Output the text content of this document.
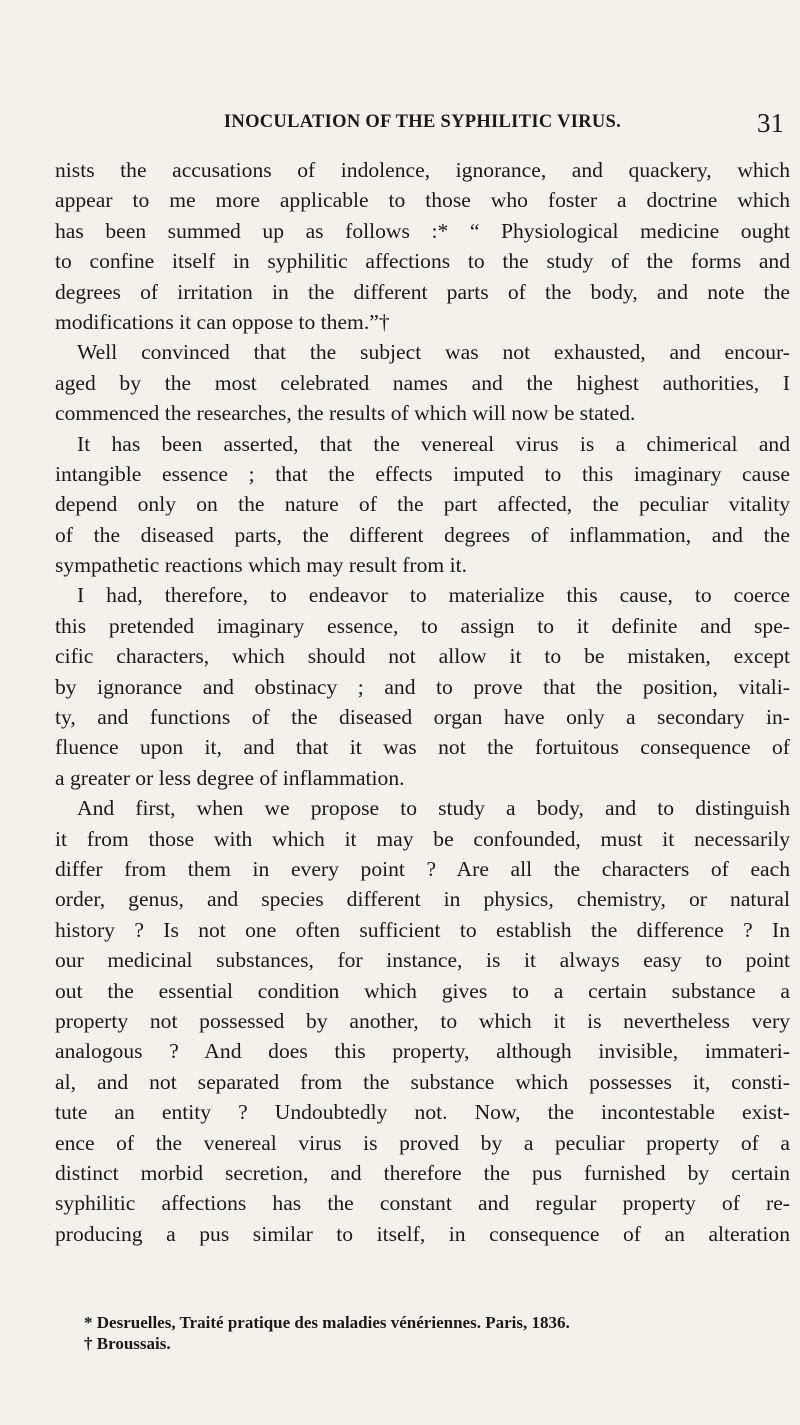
INOCULATION OF THE SYPHILITIC VIRUS.	31
nists the accusations of indolence, ignorance, and quackery, which
appear to me more applicable to those who foster a doctrine which
has been summed up as follows :* “ Physiological medicine ought
to confine itself in syphilitic affections to the study of the forms and
degrees of irritation in the different parts of the body, and note the
modifications it can oppose to them.”†
Well convinced that the subject was not exhausted, and encour-
aged by the most celebrated names and the highest authorities, I
commenced the researches, the results of which will now be stated.
It has been asserted, that the venereal virus is a chimerical and
intangible essence ; that the effects imputed to this imaginary cause
depend only on the nature of the part affected, the peculiar vitality
of the diseased parts, the different degrees of inflammation, and the
sympathetic reactions which may result from it.
I had, therefore, to endeavor to materialize this cause, to coerce
this pretended imaginary essence, to assign to it definite and spe-
cific characters, which should not allow it to be mistaken, except
by ignorance and obstinacy ; and to prove that the position, vitali-
ty, and functions of the diseased organ have only a secondary in-
fluence upon it, and that it was not the fortuitous consequence of
a greater or less degree of inflammation.
And first, when we propose to study a body, and to distinguish
it from those with which it may be confounded, must it necessarily
differ from them in every point ? Are all the characters of each
order, genus, and species different in physics, chemistry, or natural
history ? Is not one often sufficient to establish the difference ? In
our medicinal substances, for instance, is it always easy to point
out the essential condition which gives to a certain substance a
property not possessed by another, to which it is nevertheless very
analogous ? And does this property, although invisible, immateri-
al, and not separated from the substance which possesses it, consti-
tute an entity ? Undoubtedly not. Now, the incontestable exist-
ence of the venereal virus is proved by a peculiar property of a
distinct morbid secretion, and therefore the pus furnished by certain
syphilitic affections has the constant and regular property of re-
producing a pus similar to itself, in consequence of an alteration
* Desruelles, Traité pratique des maladies vénériennes. Paris, 1836.
† Broussais.
